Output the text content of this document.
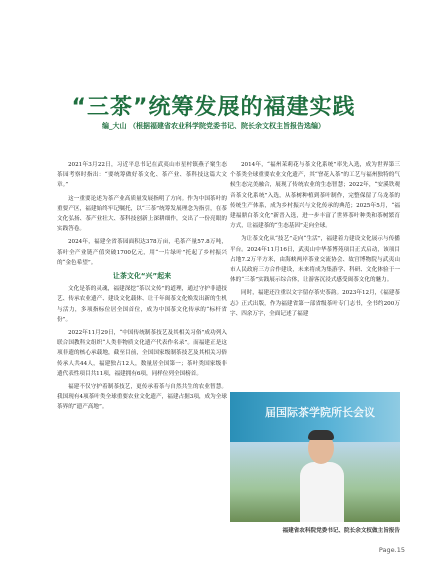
“三茶”统筹发展的福建实践
编_大山 （根据福建省农业科学院党委书记、院长余文权主旨报告选编）

2021年3月22日，习近平总书记在武夷山市星村镇燕子窠生态茶园考察时指出：“要统筹做好茶文化、茶产业、茶科技这篇大文章。”

这一重要论述为茶产业高质量发展指明了方向。作为中国茶叶的重要产区，福建始终牢记嘱托，以“三茶”统筹发展理念为指引，在茶文化弘扬、茶产业壮大、茶科技创新上深耕细作，交出了一份亮眼的实践答卷。

2024年，福建全省茶园面积达378万亩，毛茶产量57.8万吨，茶叶全产业链产值突破1700亿元，用“一片绿叶”托起了乡村振兴的“金色希望”。

让茶文化“兴”起来

文化是茶的灵魂，福建深挖“茶以文传”的道理，通过守护非遗技艺、传承农业遗产、建设文化载体、让千年闽茶文化焕发出新的生机与活力，多项指标位居全国首位，成为中国茶文化传承的“标杆省份”。

2022年11月29日，“中国传统制茶技艺及其相关习俗”成功列入联合国教科文组织“人类非物质文化遗产代表作名录”。而福建正是这项非遗的核心承载地，截至目前，全国国家级制茶技艺及其相关习俗传承人共44人，福建独占12人，数量居全国第一；茶叶类国家级非遗代表性项目共11项，福建拥有6项，同样位列全国榜首。

福建不仅守护着制茶技艺，更传承着茶与自然共生的农业智慧。我国现有4项茶叶类全球重要农业文化遗产，福建占据3项，成为全球茶界的“遗产高地”。

2014年，“福州茉莉花与茶文化系统”率先入选，成为世界第三个茶类全球重要农业文化遗产，其“窨花入茶”的工艺与福州独特的气候生态完美融合，展现了传统农业的生态智慧；2022年，“安溪铁观音茶文化系统”入选，从茶树种植到茶叶制作，完整保留了乌龙茶的传统生产体系，成为乡村振兴与文化传承的典范；2025年5月，“福建福鼎白茶文化”新晋入选，进一步丰富了世界茶叶种类和茶树繁育方式，让福建茶的“生态基因”走向全球。

为让茶文化从“技艺”走向“生活”，福建着力建设文化展示与传播平台。2024年11月16日，武夷山中华茶博苑项目正式启动，该项目占地7.2万平方米，由海峡两岸茶业交流协会、故宫博物院与武夷山市人民政府三方合作建设，未来将成为集游学、科研、文化体验于一体的“三茶”实践展示综合体，让游客沉浸式感受闽茶文化的魅力。

同时，福建还注重以文字留存茶史茶韵。2023年12月，《福建茶志》正式出版，作为福建省第一部省级茶叶专门志书，全书约200万字、四余万字，全面记述了福建

届国际茶学院所长会议
福建省农科院党委书记、院长余文权做主旨报告
Page.15
